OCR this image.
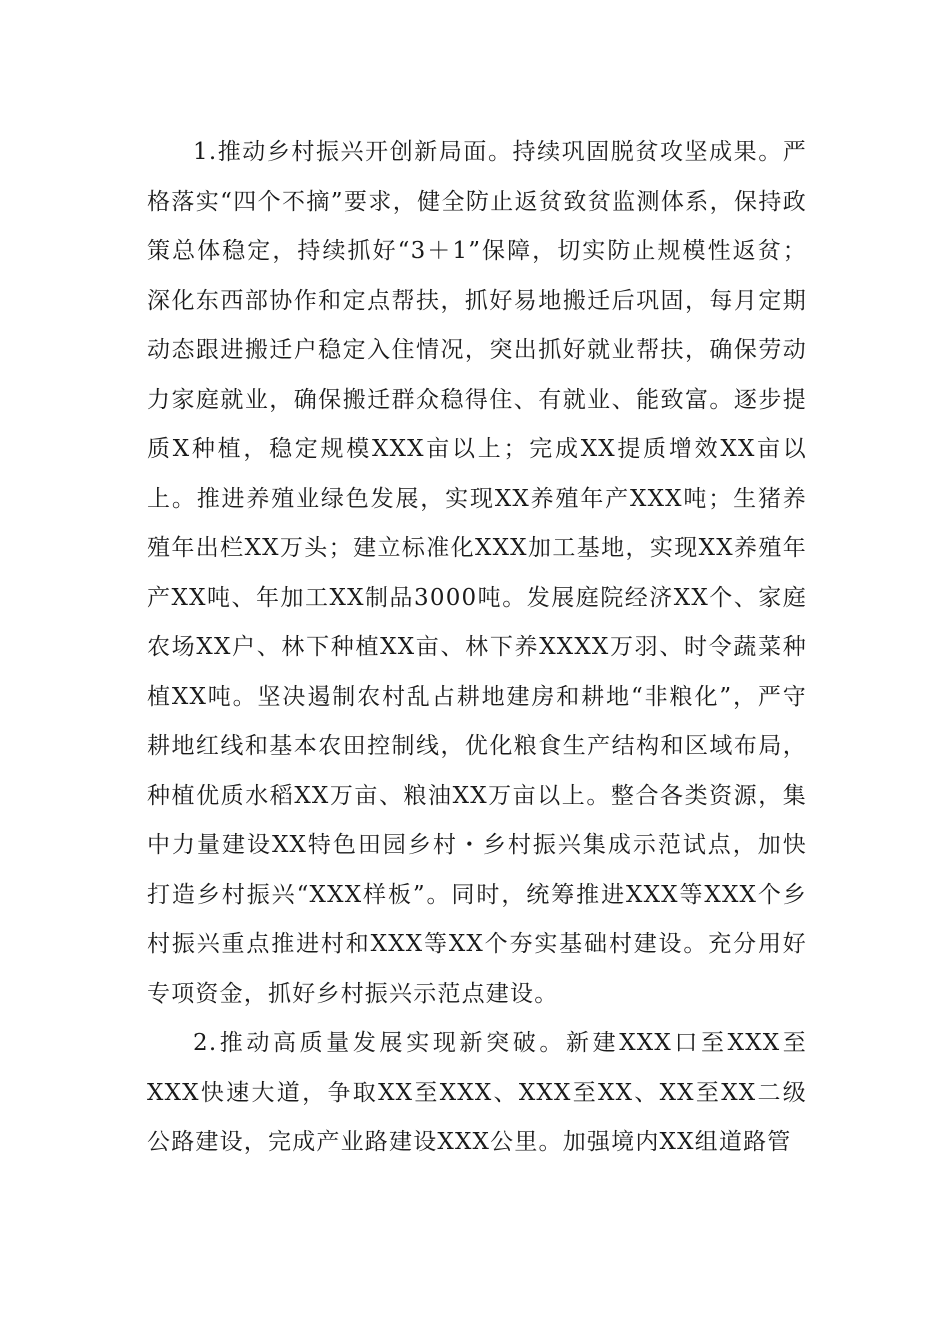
1.推动乡村振兴开创新局面。持续巩固脱贫攻坚成果。严格落实“四个不摘”要求，健全防止返贫致贫监测体系，保持政策总体稳定，持续抓好“3＋1”保障，切实防止规模性返贫；深化东西部协作和定点帮扶，抓好易地搬迁后巩固，每月定期动态跟进搬迁户稳定入住情况，突出抓好就业帮扶，确保劳动力家庭就业，确保搬迁群众稳得住、有就业、能致富。逐步提质X种植，稳定规模XXX亩以上；完成XX提质增效XX亩以上。推进养殖业绿色发展，实现XX养殖年产XXX吨；生猪养殖年出栏XX万头；建立标准化XXX加工基地，实现XX养殖年产XX吨、年加工XX制品3000吨。发展庭院经济XX个、家庭农场XX户、林下种植XX亩、林下养XXXX万羽、时令蔬菜种植XX吨。坚决遏制农村乱占耕地建房和耕地“非粮化”，严守耕地红线和基本农田控制线，优化粮食生产结构和区域布局，种植优质水稻XX万亩、粮油XX万亩以上。整合各类资源，集中力量建设XX特色田园乡村・乡村振兴集成示范试点，加快打造乡村振兴“XXX样板”。同时，统筹推进XXX等XXX个乡村振兴重点推进村和XXX等XX个夯实基础村建设。充分用好专项资金，抓好乡村振兴示范点建设。

2.推动高质量发展实现新突破。新建XXX口至XXX至XXX快速大道，争取XX至XXX、XXX至XX、XX至XX二级公路建设，完成产业路建设XXX公里。加强境内XX组道路管
